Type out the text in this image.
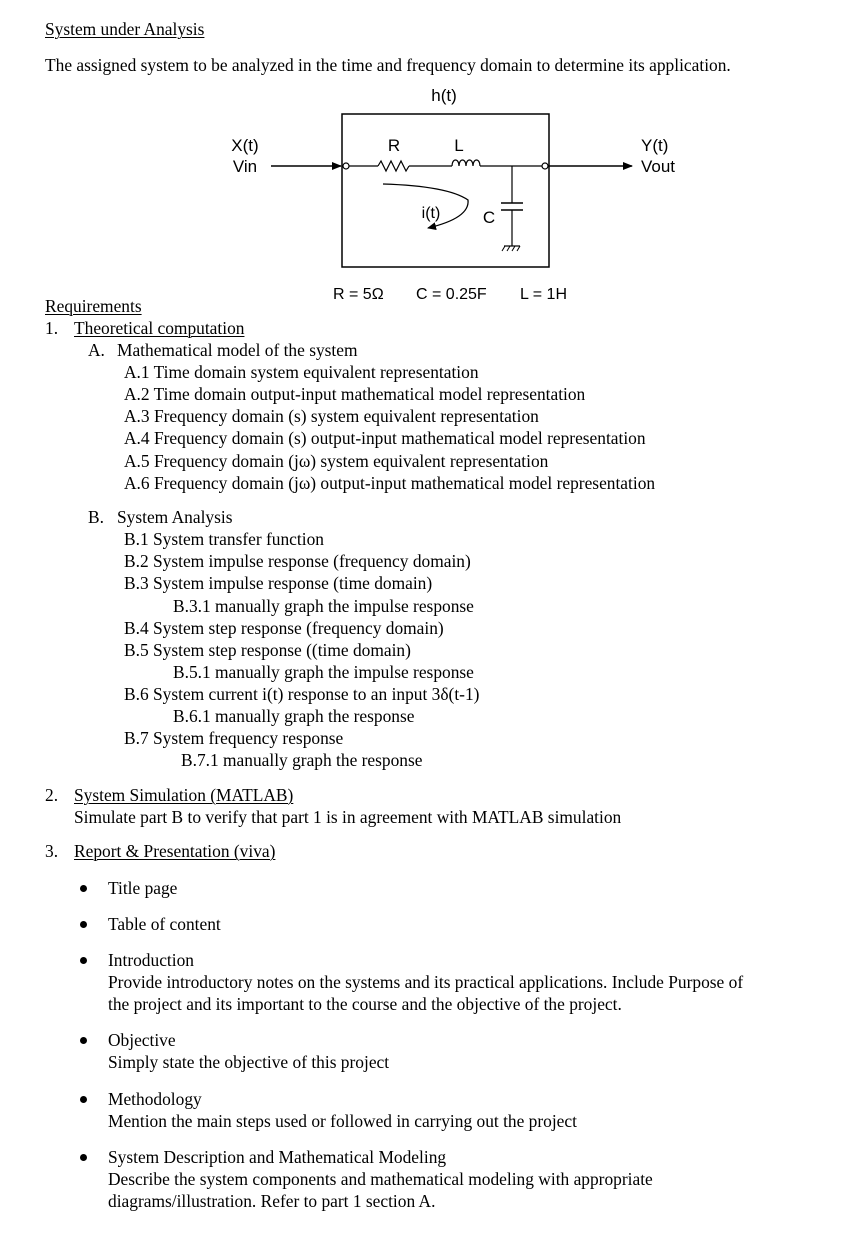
System under Analysis
The assigned system to be analyzed in the time and frequency domain to determine its application.
h(t)
X(t)
Vin
R	L
C
i(t)
Y(t)
Vout
R = 5Ω C = 0.25F L = 1H
Requirements
1. Theoretical computation
A. Mathematical model of the system
A.1 Time domain system equivalent representation
A.2 Time domain output-input mathematical model representation
A.3 Frequency domain (s) system equivalent representation
A.4 Frequency domain (s) output-input mathematical model representation
A.5 Frequency domain (jω) system equivalent representation
A.6 Frequency domain (jω) output-input mathematical model representation
B. System Analysis
B.1 System transfer function
B.2 System impulse response (frequency domain)
B.3 System impulse response (time domain)
B.3.1 manually graph the impulse response
B.4 System step response (frequency domain)
B.5 System step response ((time domain)
B.5.1 manually graph the impulse response
B.6 System current i(t) response to an input 3δ(t-1)
B.6.1 manually graph the response
B.7 System frequency response
B.7.1 manually graph the response
2. System Simulation (MATLAB)
Simulate part B to verify that part 1 is in agreement with MATLAB simulation
3. Report & Presentation (viva)
Title page
Table of content
Introduction
Provide introductory notes on the systems and its practical applications. Include Purpose of
the project and its important to the course and the objective of the project.
Objective
Simply state the objective of this project
Methodology
Mention the main steps used or followed in carrying out the project
System Description and Mathematical Modeling
Describe the system components and mathematical modeling with appropriate
diagrams/illustration. Refer to part 1 section A.
